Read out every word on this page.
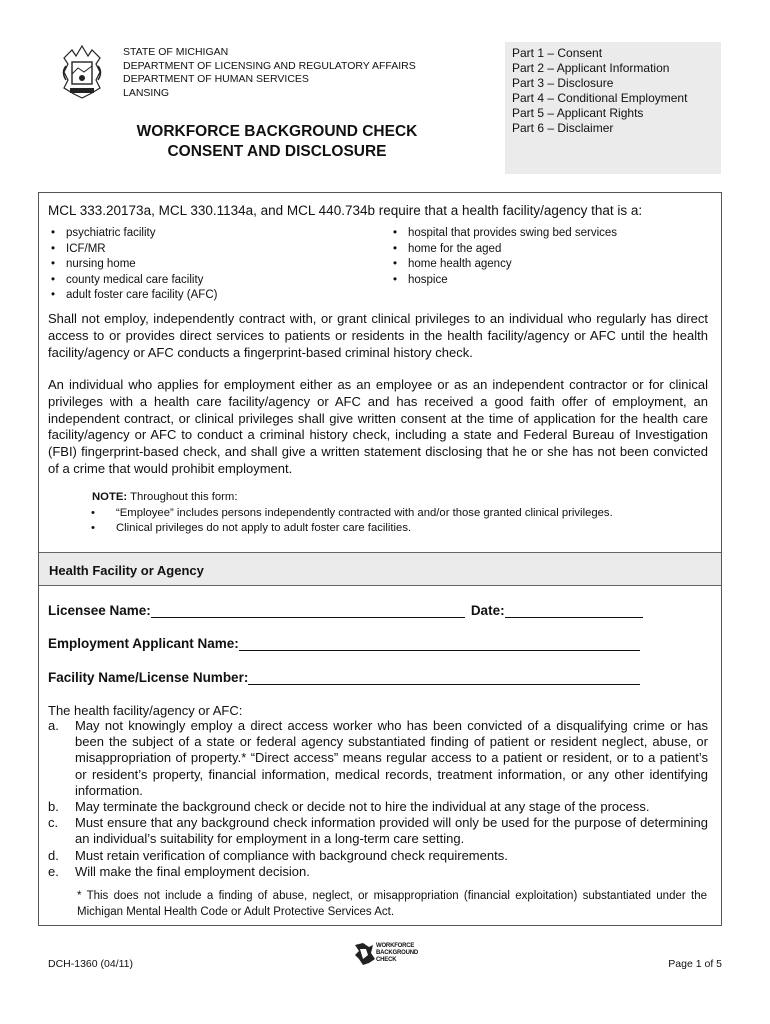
STATE OF MICHIGAN
DEPARTMENT OF LICENSING AND REGULATORY AFFAIRS
DEPARTMENT OF HUMAN SERVICES
LANSING
WORKFORCE BACKGROUND CHECK
CONSENT AND DISCLOSURE
Part 1 – Consent
Part 2 – Applicant Information
Part 3 – Disclosure
Part 4 – Conditional Employment
Part 5 – Applicant Rights
Part 6 – Disclaimer
MCL 333.20173a, MCL 330.1134a, and MCL 440.734b require that a health facility/agency that is a:
• psychiatric facility
• ICF/MR
• nursing home
• county medical care facility
• adult foster care facility (AFC)
• hospital that provides swing bed services
• home for the aged
• home health agency
• hospice

Shall not employ, independently contract with, or grant clinical privileges to an individual who regularly has direct access to or provides direct services to patients or residents in the health facility/agency or AFC until the health facility/agency or AFC conducts a fingerprint-based criminal history check.

An individual who applies for employment either as an employee or as an independent contractor or for clinical privileges with a health care facility/agency or AFC and has received a good faith offer of employment, an independent contract, or clinical privileges shall give written consent at the time of application for the health care facility/agency or AFC to conduct a criminal history check, including a state and Federal Bureau of Investigation (FBI) fingerprint-based check, and shall give a written statement disclosing that he or she has not been convicted of a crime that would prohibit employment.

NOTE: Throughout this form:
• “Employee” includes persons independently contracted with and/or those granted clinical privileges.
• Clinical privileges do not apply to adult foster care facilities.
Health Facility or Agency
Licensee Name:	Date:
Employment Applicant Name:
Facility Name/License Number:
The health facility/agency or AFC:
a.	May not knowingly employ a direct access worker who has been convicted of a disqualifying crime or has been the subject of a state or federal agency substantiated finding of patient or resident neglect, abuse, or misappropriation of property.* “Direct access” means regular access to a patient or resident, or to a patient’s or resident’s property, financial information, medical records, treatment information, or any other identifying information.
b.	May terminate the background check or decide not to hire the individual at any stage of the process.
c.	Must ensure that any background check information provided will only be used for the purpose of determining an individual’s suitability for employment in a long-term care setting.
d.	Must retain verification of compliance with background check requirements.
e.	Will make the final employment decision.

* This does not include a finding of abuse, neglect, or misappropriation (financial exploitation) substantiated under the Michigan Mental Health Code or Adult Protective Services Act.

DCH-1360 (04/11)
WORKFORCE
BACKGROUND
CHECK	Page 1 of 5
